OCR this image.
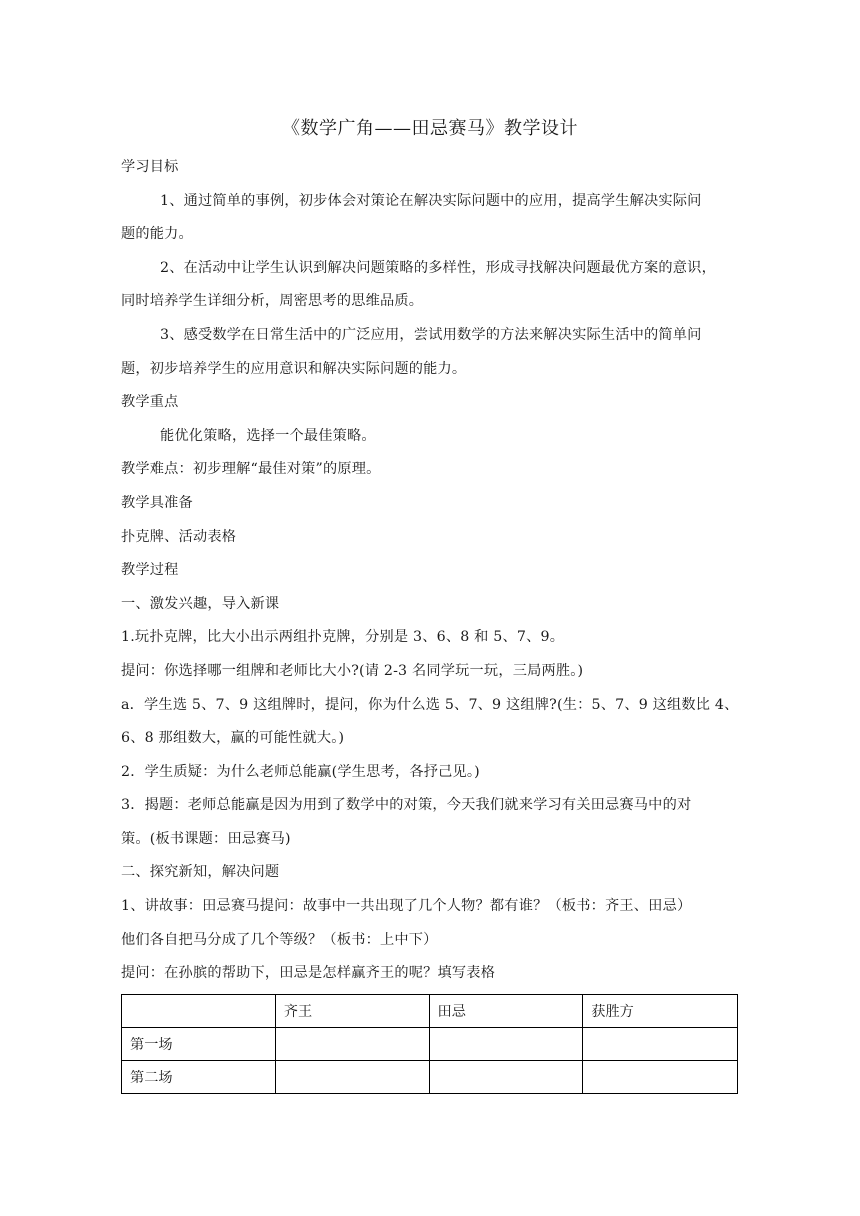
《数学广角——田忌赛马》教学设计
学习目标
1、通过简单的事例，初步体会对策论在解决实际问题中的应用，提高学生解决实际问
题的能力。
2、在活动中让学生认识到解决问题策略的多样性，形成寻找解决问题最优方案的意识，
同时培养学生详细分析，周密思考的思维品质。
3、感受数学在日常生活中的广泛应用，尝试用数学的方法来解决实际生活中的简单问
题，初步培养学生的应用意识和解决实际问题的能力。
教学重点
能优化策略，选择一个最佳策略。
教学难点：初步理解“最佳对策”的原理。
教学具准备
扑克牌、活动表格
教学过程
一、激发兴趣，导入新课
1.玩扑克牌，比大小出示两组扑克牌，分别是 3、6、8 和 5、7、9。
提问：你选择哪一组牌和老师比大小?(请 2-3 名同学玩一玩，三局两胜。)
a．学生选 5、7、9 这组牌时，提问，你为什么选 5、7、9 这组牌?(生：5、7、9 这组数比 4、
6、8 那组数大，赢的可能性就大。)
2．学生质疑：为什么老师总能赢(学生思考，各抒己见。)
3．揭题：老师总能赢是因为用到了数学中的对策，今天我们就来学习有关田忌赛马中的对
策。(板书课题：田忌赛马)
二、探究新知，解决问题
1、讲故事：田忌赛马提问：故事中一共出现了几个人物？都有谁？（板书：齐王、田忌）
他们各自把马分成了几个等级？（板书：上中下）
提问：在孙膑的帮助下，田忌是怎样赢齐王的呢？填写表格
	齐王	田忌	获胜方
第一场			
第二场			
